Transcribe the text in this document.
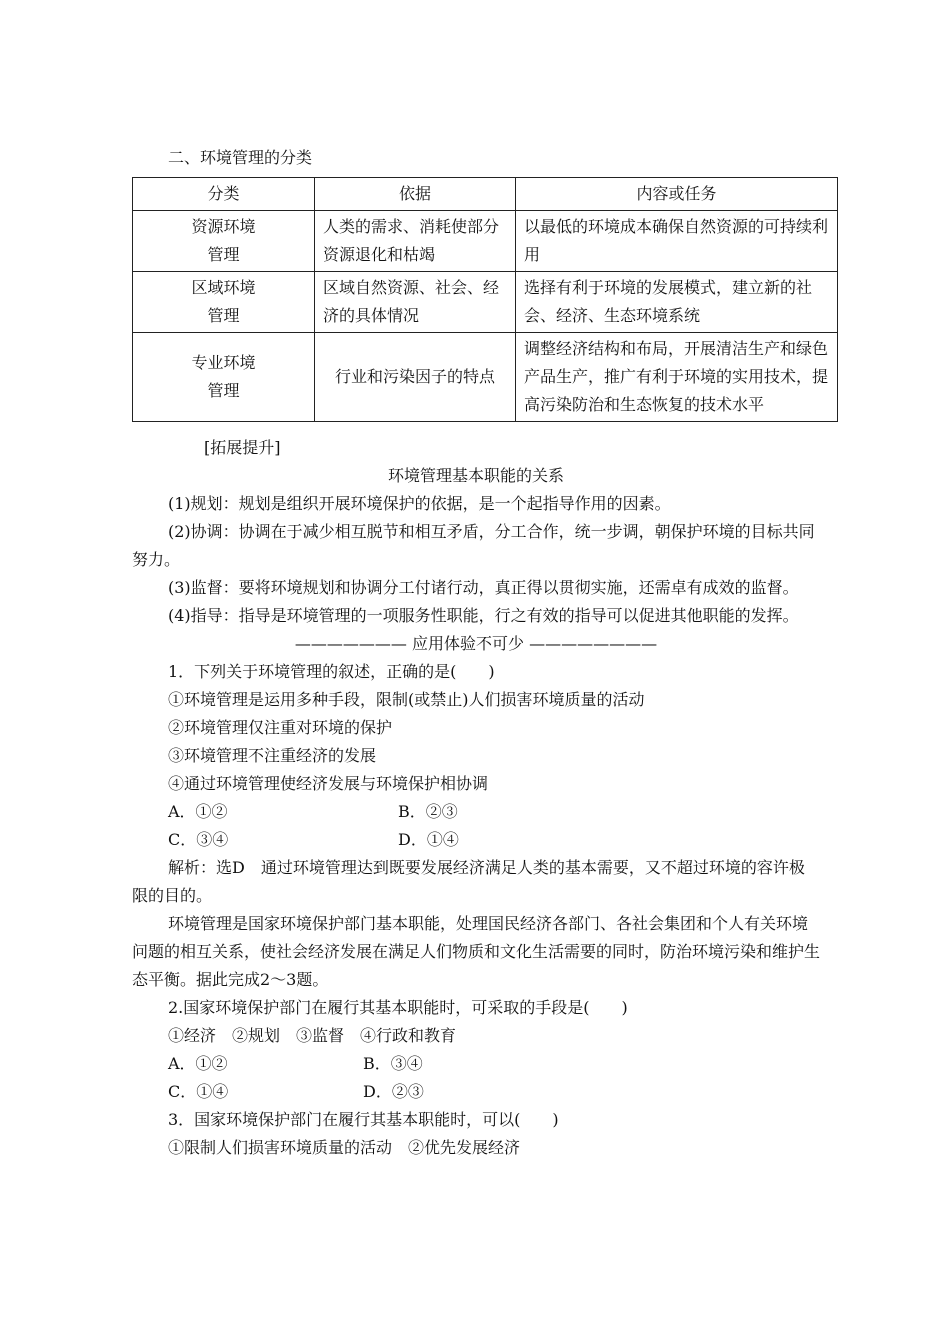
二、环境管理的分类
分类	依据	内容或任务

资源环境
管理	人类的需求、消耗使部分资源退化和枯竭	以最低的环境成本确保自然资源的可持续利用

区域环境
管理	区域自然资源、社会、经济的具体情况	选择有利于环境的发展模式，建立新的社会、经济、生态环境系统

专业环境
管理	行业和污染因子的特点	调整经济结构和布局，开展清洁生产和绿色产品生产，推广有利于环境的实用技术，提高污染防治和生态恢复的技术水平

[拓展提升]

环境管理基本职能的关系

(1)规划：规划是组织开展环境保护的依据，是一个起指导作用的因素。

(2)协调：协调在于减少相互脱节和相互矛盾，分工合作，统一步调，朝保护环境的目标共同努力。

(3)监督：要将环境规划和协调分工付诸行动，真正得以贯彻实施，还需卓有成效的监督。

(4)指导：指导是环境管理的一项服务性职能，行之有效的指导可以促进其他职能的发挥。

——————— 应用体验不可少 ————————

1．下列关于环境管理的叙述，正确的是(　　)

①环境管理是运用多种手段，限制(或禁止)人们损害环境质量的活动

②环境管理仅注重对环境的保护

③环境管理不注重经济的发展

④通过环境管理使经济发展与环境保护相协调

A．①②	B．②③
C．③④	D．①④

解析：选D　通过环境管理达到既要发展经济满足人类的基本需要，又不超过环境的容许极限的目的。

环境管理是国家环境保护部门基本职能，处理国民经济各部门、各社会集团和个人有关环境问题的相互关系，使社会经济发展在满足人们物质和文化生活需要的同时，防治环境污染和维护生态平衡。据此完成2～3题。

2.国家环境保护部门在履行其基本职能时，可采取的手段是(　　)

①经济　②规划　③监督　④行政和教育

A．①②	B．③④
C．①④	D．②③

3．国家环境保护部门在履行其基本职能时，可以(　　)

①限制人们损害环境质量的活动　②优先发展经济
